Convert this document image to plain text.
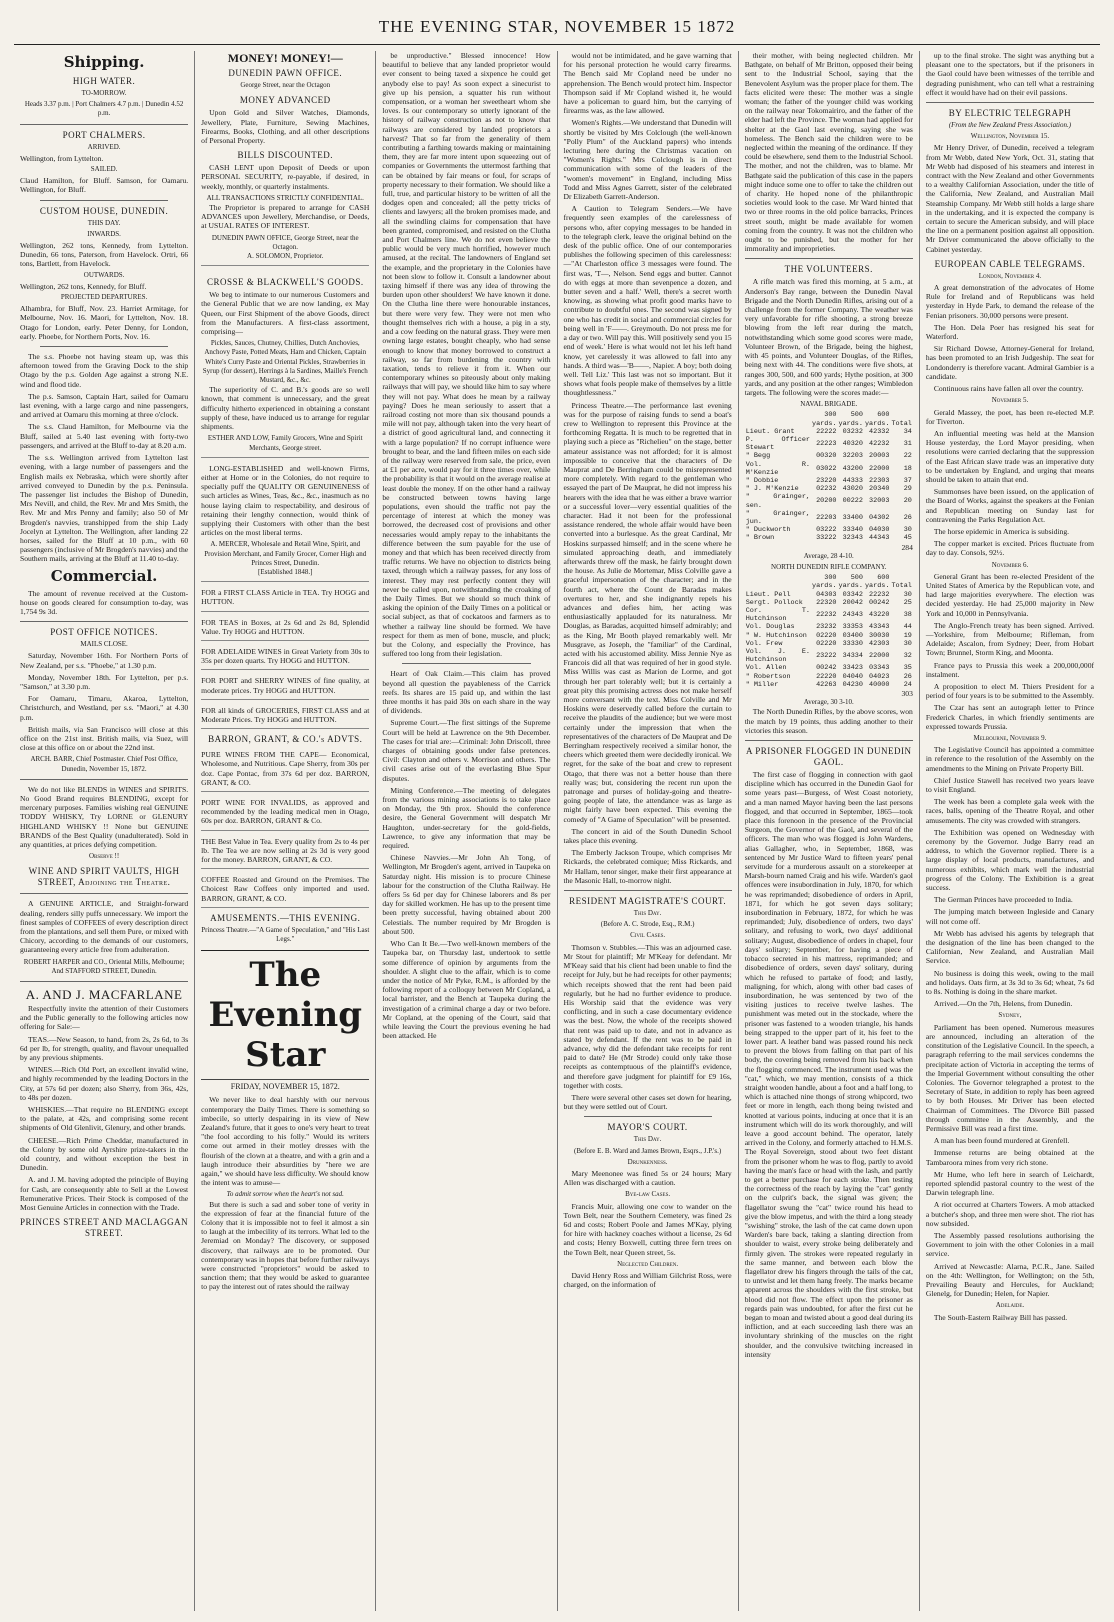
THE EVENING STAR, NOVEMBER 15 1872
Shipping.
HIGH WATER.
TO-MORROW.
Heads 3.37 p.m. | Port Chalmers 4.7 p.m. | Dunedin 4.52 p.m.
PORT CHALMERS.
ARRIVED.
Wellington, from Lyttelton.
SAILED.
Claud Hamilton, for Bluff. Samson, for Oamaru. Wellington, for Bluff.
CUSTOM HOUSE, DUNEDIN.
THIS DAY.
INWARDS.
Wellington, 262 tons, Kennedy, from Lyttelton. Dunedin, 66 tons, Paterson, from Havelock. Ortri, 66 tons, Bartlett, from Havelock.
OUTWARDS.
Wellington, 262 tons, Kennedy, for Bluff.
PROJECTED DEPARTURES.
Alhambra, for Bluff, Nov. 23. Harriet Armitage, for Melbourne, Nov. 16. Maori, for Lyttelton, Nov. 18. Otago for London, early. Peter Denny, for London, early. Phoebe, for Northern Ports, Nov. 16.

The s.s. Phoebe not having steam up, was this afternoon towed from the Graving Dock to the ship Otago by the p.s. Golden Age against a strong N.E. wind and flood tide.

The p.s. Samson, Captain Hart, sailed for Oamaru last evening, with a large cargo and nine passengers, and arrived at Oamaru this morning at three o'clock.

The s.s. Claud Hamilton, for Melbourne via the Bluff, sailed at 5.40 last evening with forty-two passengers, and arrived at the Bluff to-day at 8.20 a.m.

The s.s. Wellington arrived from Lyttelton last evening, with a large number of passengers and the English mails ex Nebraska, which were shortly after arrived conveyed to Dunedin by the p.s. Peninsula. The passenger list includes the Bishop of Dunedin, Mrs Nevill, and child, the Rev. Mr and Mrs Smith, the Rev. Mr and Mrs Penny and family; also 50 of Mr Brogden's navvies, transhipped from the ship Lady Jocelyn at Lyttelton. The Wellington, after landing 22 horses, sailed for the Bluff at 10 p.m., with 60 passengers (inclusive of Mr Brogden's navvies) and the Southern mails, arriving at the Bluff at 11.40 to-day.

Commercial.

The amount of revenue received at the Custom-house on goods cleared for consumption to-day, was 1,754 9s 3d.

POST OFFICE NOTICES.
MAILS CLOSE.

Saturday, November 16th. For Northern Ports of New Zealand, per s.s. "Phoebe," at 1.30 p.m.

Monday, November 18th. For Lyttelton, per p.s. "Samson," at 3.30 p.m.

For Oamaru, Timaru, Akaroa, Lyttelton, Christchurch, and Westland, per s.s. "Maori," at 4.30 p.m.

British mails, via San Francisco will close at this office on the 21st inst. British mails, via Suez, will close at this office on or about the 22nd inst.

ARCH. BARR, Chief Postmaster. Chief Post Office, Dunedin, November 15, 1872.

We do not like BLENDS in WINES and SPIRITS. No Good Brand requires BLENDING, except for mercenary purposes. Families wishing real GENUINE TODDY WHISKY, Try LORNE or GLENURY HIGHLAND WHISKY !! None but GENUINE BRANDS of the Best Quality (unadulterated). Sold in any quantities, at prices defying competition.

Observe !!
WINE AND SPIRIT VAULTS, HIGH STREET, Adjoining the Theatre.

A GENUINE ARTICLE, and Straight-forward dealing, renders silly puffs unnecessary. We import the finest samples of COFFEES of every description direct from the plantations, and sell them Pure, or mixed with Chicory, according to the demands of our customers, guaranteeing every article free from adulteration.

ROBERT HARPER and CO., Oriental Mills, Melbourne; And STAFFORD STREET, Dunedin.
A. AND J. MACFARLANE

Respectfully invite the attention of their Customers and the Public generally to the following articles now offering for Sale:—

TEAS.—New Season, to hand, from 2s, 2s 6d, to 3s 6d per lb, for strength, quality, and flavour unequalled by any previous shipments.

WINES.—Rich Old Port, an excellent invalid wine, and highly recommended by the leading Doctors in the City, at 57s 6d per dozen; also Sherry, from 36s, 42s, to 48s per dozen.

WHISKIES.—That require no BLENDING except to the palate, at 42s, and comprising some recent shipments of Old Glenlivit, Glenury, and other brands.

CHEESE.—Rich Prime Cheddar, manufactured in the Colony by some old Ayrshire prize-takers in the old country, and without exception the best in Dunedin.

A. and J. M. having adopted the principle of Buying for Cash, are consequently able to Sell at the Lowest Remunerative Prices. Their Stock is composed of the Most Genuine Articles in connection with the Trade.

PRINCES STREET AND MACLAGGAN STREET.
MONEY! MONEY!—
DUNEDIN PAWN OFFICE.
George Street, near the Octagon
MONEY ADVANCED

Upon Gold and Silver Watches, Diamonds, Jewellery, Plate, Furniture, Sewing Machines, Firearms, Books, Clothing, and all other descriptions of Personal Property.

BILLS DISCOUNTED.

CASH LENT upon Deposit of Deeds or upon PERSONAL SECURITY, re-payable, if desired, in weekly, monthly, or quarterly instalments.

ALL TRANSACTIONS STRICTLY CONFIDENTIAL.

The Proprietor is prepared to arrange for CASH ADVANCES upon Jewellery, Merchandise, or Deeds, at USUAL RATES OF INTEREST.

DUNEDIN PAWN OFFICE, George Street, near the Octagon.
A. SOLOMON, Proprietor.
CROSSE & BLACKWELL'S GOODS.

We beg to intimate to our numerous Customers and the General Public that we are now landing, ex May Queen, our First Shipment of the above Goods, direct from the Manufacturers. A first-class assortment, comprising—

Pickles, Sauces, Chutney, Chillies, Dutch Anchovies, Anchovy Paste, Potted Meats, Ham and Chicken, Captain White's Curry Paste and Oriental Pickles, Strawberries in Syrup (for dessert), Herrings à la Sardines, Maille's French Mustard, &c., &c.

The superiority of C. and B.'s goods are so well known, that comment is unnecessary, and the great difficulty hitherto experienced in obtaining a constant supply of these, have induced us to arrange for regular shipments.

ESTHER AND LOW, Family Grocers, Wine and Spirit Merchants, George street.

LONG-ESTABLISHED and well-known Firms, either at Home or in the Colonies, do not require to specially puff the QUALITY OR GENUINENESS of such articles as Wines, Teas, &c., &c., inasmuch as no house laying claim to respectability, and desirous of retaining their lengthy connection, would think of supplying their Customers with other than the best articles on the most liberal terms.

A. MERCER, Wholesale and Retail Wine, Spirit, and Provision Merchant, and Family Grocer, Corner High and Princes Street, Dunedin.
[Established 1848.]
FOR a FIRST CLASS Article in TEA. Try HOGG and HUTTON.
FOR TEAS in Boxes, at 2s 6d and 2s 8d, Splendid Value. Try HOGG and HUTTON.
FOR ADELAIDE WINES in Great Variety from 30s to 35s per dozen quarts. Try HOGG and HUTTON.
FOR PORT and SHERRY WINES of fine quality, at moderate prices. Try HOGG and HUTTON.
FOR all kinds of GROCERIES, FIRST CLASS and at Moderate Prices. Try HOGG and HUTTON.
BARRON, GRANT, & CO.'s ADVTS.
PURE WINES FROM THE CAPE— Economical, Wholesome, and Nutritious. Cape Sherry, from 30s per doz. Cape Pontac, from 37s 6d per doz. BARRON, GRANT, & CO.
PORT WINE FOR INVALIDS, as approved and recommended by the leading medical men in Otago, 60s per doz. BARRON, GRANT & Co.
THE Best Value in Tea. Every quality from 2s to 4s per lb. The Tea we are now selling at 2s 3d is very good for the money. BARRON, GRANT, & CO.
COFFEE Roasted and Ground on the Premises. The Choicest Raw Coffees only imported and used. BARRON, GRANT, & CO.
AMUSEMENTS.—THIS EVENING.
Princess Theatre.—"A Game of Speculation," and "His Last Legs."
The Evening Star
FRIDAY, NOVEMBER 15, 1872.

We never like to deal harshly with our nervous contemporary the Daily Times. There is something so imbecile, so utterly despairing in its view of New Zealand's future, that it goes to one's very heart to treat "the fool according to his folly." Would its writers come out armed in their motley dresses with the flourish of the clown at a theatre, and with a grin and a laugh introduce their absurdities by "here we are again," we should have less difficulty. We should know the intent was to amuse—

To admit sorrow when the heart's not sad.

But there is such a sad and sober tone of verity in the expression of fear at the financial future of the Colony that it is impossible not to feel it almost a sin to laugh at the imbecility of its terrors. What led to the Jeremiad on Monday? The discovery, or supposed discovery, that railways are to be promoted. Our contemporary was in hopes that before further railways were constructed "proprietors" would be asked to sanction them; that they would be asked to guarantee to pay the interest out of rates should the railway

be unproductive." Blessed innocence! How beautiful to believe that any landed proprietor would ever consent to being taxed a sixpence he could get anybody else to pay! As soon expect a sinecurist to give up his pension, a squatter his run without compensation, or a woman her sweetheart whom she loves. Is our contemporary so utterly ignorant of the history of railway construction as not to know that railways are considered by landed proprietors a harvest? That so far from the generality of them contributing a farthing towards making or maintaining them, they are far more intent upon squeezing out of companies or Governments the uttermost farthing that can be obtained by fair means or foul, for scraps of property necessary to their formation. We should like a full, true, and particular history to be written of all the dodges open and concealed; all the petty tricks of clients and lawyers; all the broken promises made, and all the swindling claims for compensation that have been granted, compromised, and resisted on the Clutha and Port Chalmers line. We do not even believe the public would be very much horrified, however much amused, at the recital. The landowners of England set the example, and the proprietary in the Colonies have not been slow to follow it. Consult a landowner about taxing himself if there was any idea of throwing the burden upon other shoulders! We have known it done. On the Clutha line there were honourable instances, but there were very few. They were not men who thought themselves rich with a house, a pig in a sty, and a cow feeding on the natural grass. They were men owning large estates, bought cheaply, who had sense enough to know that money borrowed to construct a railway, so far from burdening the country with taxation, tends to relieve it from it. When our contemporary whines so piteously about only making railways that will pay, we should like him to say where they will not pay. What does he mean by a railway paying? Does he mean seriously to assert that a railroad costing not more than six thousand pounds a mile will not pay, although taken into the very heart of a district of good agricultural land, and connecting it with a large population? If no corrupt influence were brought to bear, and the land fifteen miles on each side of the railway were reserved from sale, the price, even at £1 per acre, would pay for it three times over, while the probability is that it would on the average realise at least double the money. If on the other hand a railway be constructed between towns having large populations, even should the traffic not pay the percentage of interest at which the money was borrowed, the decreased cost of provisions and other necessaries would amply repay to the inhabitants the difference between the sum payable for the use of money and that which has been received directly from traffic returns. We have no objection to districts being taxed, through which a railway passes, for any loss of interest. They may rest perfectly content they will never be called upon, notwithstanding the croaking of the Daily Times. But we should so much think of asking the opinion of the Daily Times on a political or social subject, as that of cockatoos and farmers as to whether a railway line should be formed. We have respect for them as men of bone, muscle, and pluck; but the Colony, and especially the Province, has suffered too long from their legislation.

Heart of Oak Claim.—This claim has proved beyond all question the payableness of the Carrick reefs. Its shares are 15 paid up, and within the last three months it has paid 30s on each share in the way of dividends.

Supreme Court.—The first sittings of the Supreme Court will be held at Lawrence on the 9th December. The cases for trial are:—Criminal: John Driscoll, three charges of obtaining goods under false pretences. Civil: Clayton and others v. Morrison and others. The civil cases arise out of the everlasting Blue Spur disputes.

Mining Conference.—The meeting of delegates from the various mining associations is to take place on Monday, the 9th prox. Should the conference desire, the General Government will despatch Mr Haughton, under-secretary for the gold-fields, Lawrence, to give any information that may be required.

Chinese Navvies.—Mr John Ah Tong, of Wellington, Mr Brogden's agent, arrived in Taupeka on Saturday night. His mission is to procure Chinese labour for the construction of the Clutha Railway. He offers 5s 6d per day for Chinese laborers and 8s per day for skilled workmen. He has up to the present time been pretty successful, having obtained about 200 Celestials. The number required by Mr Brogden is about 500.

Who Can It Be.—Two well-known members of the Taupeka bar, on Thursday last, undertook to settle some difference of opinion by arguments from the shoulder. A slight clue to the affair, which is to come under the notice of Mr Pyke, R.M., is afforded by the following report of a colloquy between Mr Copland, a local barrister, and the Bench at Taupeka during the investigation of a criminal charge a day or two before. Mr Copland, at the opening of the Court, said that while leaving the Court the previous evening he had been attacked. He

would not be intimidated, and he gave warning that for his personal protection he would carry firearms. The Bench said Mr Copland need be under no apprehension. The Bench would protect him. Inspector Thompson said if Mr Copland wished it, he would have a policeman to guard him, but the carrying of firearms was, as the law allowed.

Women's Rights.—We understand that Dunedin will shortly be visited by Mrs Colclough (the well-known "Polly Plum" of the Auckland papers) who intends lecturing here during the Christmas vacation on "Women's Rights." Mrs Colclough is in direct communication with some of the leaders of the "women's movement" in England, including Miss Todd and Miss Agnes Garrett, sister of the celebrated Dr Elizabeth Garrett-Anderson.

A Caution to Telegram Senders.—We have frequently seen examples of the carelessness of persons who, after copying messages to be handed in to the telegraph clerk, leave the original behind on the desk of the public office. One of our contemporaries publishes the following specimen of this carelessness:—"At Charleston office 3 messages were found. The first was, 'T—, Nelson. Send eggs and butter. Cannot do with eggs at more than sevenpence a dozen, and butter seven and a half.' Well, there's a secret worth knowing, as showing what profit good marks have to contribute to doubtful ones. The second was signed by one who has credit in social and commercial circles for being well in 'F——. Greymouth. Do not press me for a day or two. Will pay this. Will positively send you 15 end of week.' Here is what would not let his left hand know, yet carelessly it was allowed to fall into any hands. A third was—'B——, Napier. A boy; both doing well. Tell Liz.' This last was not so important. But it shows what fools people make of themselves by a little thoughtlessness."

Princess Theatre.—The performance last evening was for the purpose of raising funds to send a boat's crew to Wellington to represent this Province at the forthcoming Regatta. It is much to be regretted that in playing such a piece as "Richelieu" on the stage, better amateur assistance was not afforded; for it is almost impossible to conceive that the characters of De Mauprat and De Berringham could be misrepresented more completely. With regard to the gentleman who essayed the part of De Mauprat, he did not impress his hearers with the idea that he was either a brave warrior or a successful lover—very essential qualities of the character. Had it not been for the professional assistance rendered, the whole affair would have been converted into a burlesque. As the great Cardinal, Mr Hoskins surpassed himself; and in the scene where he simulated approaching death, and immediately afterwards threw off the mask, he fairly brought down the house. As Julie de Mortemar, Miss Colville gave a graceful impersonation of the character; and in the fourth act, where the Count de Baradas makes overtures to her, and she indignantly repels his advances and defies him, her acting was enthusiastically applauded for its naturalness. Mr Douglas, as Baradas, acquitted himself admirably; and as the King, Mr Booth played remarkably well. Mr Musgrave, as Joseph, the "familiar" of the Cardinal, acted with his accustomed ability. Miss Jennie Nye as Francois did all that was required of her in good style. Miss Willis was cast as Marion de Lorme, and got through her part tolerably well; but it is certainly a great pity this promising actress does not make herself more conversant with the text. Miss Colville and Mr Hoskins were deservedly called before the curtain to receive the plaudits of the audience; but we were most certainly under the impression that when the representatives of the characters of De Mauprat and De Berringham respectively received a similar honor, the cheers which greeted them were decidedly ironical. We regret, for the sake of the boat and crew to represent Otago, that there was not a better house than there really was; but, considering the recent run upon the patronage and purses of holiday-going and theatre-going people of late, the attendance was as large as might fairly have been expected. This evening the comedy of "A Game of Speculation" will be presented.

The concert in aid of the South Dunedin School takes place this evening.

The Emberly Jackson Troupe, which comprises Mr Rickards, the celebrated comique; Miss Rickards, and Mr Hallam, tenor singer, make their first appearance at the Masonic Hall, to-morrow night.

RESIDENT MAGISTRATE'S COURT.
This Day.
(Before A. C. Strode, Esq., R.M.)
Civil Cases.

Thomson v. Stubbles.—This was an adjourned case. Mr Stout for plaintiff; Mr M'Keay for defendant. Mr M'Keay said that his client had been unable to find the receipt for July, but he had receipts for other payments; which receipts showed that the rent had been paid regularly, but he had no further evidence to produce. His Worship said that the evidence was very conflicting, and in such a case documentary evidence was the best. Now, the whole of the receipts showed that rent was paid up to date, and not in advance as stated by defendant. If the rent was to be paid in advance, why did the defendant take receipts for rent paid to date? He (Mr Strode) could only take those receipts as contemptuous of the plaintiff's evidence, and therefore gave judgment for plaintiff for £9 16s, together with costs.

There were several other cases set down for hearing, but they were settled out of Court.

MAYOR'S COURT.
This Day.
(Before E. B. Ward and James Brown, Esqrs., J.P.'s.)
Drunkenness.

Mary Meenonee was fined 5s or 24 hours; Mary Allen was discharged with a caution.

Bye-law Cases.

Francis Muir, allowing one cow to wander on the Town Belt, near the Southern Cemetery, was fined 2s 6d and costs; Robert Poole and James M'Kay, plying for hire with hackney coaches without a license, 2s 6d and costs; Henry Boxwell, cutting three fern trees on the Town Belt, near Queen street, 5s.

Neglected Children.

David Henry Ross and William Gilchrist Ross, were charged, on the information of

their mother, with being neglected children. Mr Bathgate, on behalf of Mr Britton, opposed their being sent to the Industrial School, saying that the Benevolent Asylum was the proper place for them. The facts elicited were these: The mother was a single woman; the father of the younger child was working on the railway near Tokomairiro, and the father of the elder had left the Province. The woman had applied for shelter at the Gaol last evening, saying she was homeless. The Bench said the children were to be neglected within the meaning of the ordinance. If they could be elsewhere, send them to the Industrial School. The mother, and not the children, was to blame. Mr Bathgate said the publication of this case in the papers might induce some one to offer to take the children out of charity. He hoped none of the philanthropic societies would look to the case. Mr Ward hinted that two or three rooms in the old police barracks, Princes street south, might be made available for women coming from the country. It was not the children who ought to be punished, but the mother for her immorality and improprieties.

THE VOLUNTEERS.

A rifle match was fired this morning, at 5 a.m., at Anderson's Bay range, between the Dunedin Naval Brigade and the North Dunedin Rifles, arising out of a challenge from the former Company. The weather was very unfavorable for rifle shooting, a strong breeze blowing from the left rear during the match, notwithstanding which some good scores were made, Volunteer Brown, of the Brigade, being the highest, with 45 points, and Volunteer Douglas, of the Rifles, being next with 44. The conditions were five shots, at ranges 300, 500, and 600 yards; Hythe position, at 300 yards, and any position at the other ranges; Wimbledon targets. The following were the scores made:—

NAVAL BRIGADE.
	300	500	600	
	yards.	yards.	yards.	Total
Lieut. Grant	22222	03232	42332	34
P. Officer Stewart	22223	40320	42232	31
" Begg	00320	32203	20003	22
Vol. R. M'Kenzie	03022	43200	22000	18
" Dobbie	23220	44333	22303	37
" J. M'Kenzie	02232	43020	20340	29
" Grainger, sen.	20200	00222	32003	20
" Grainger, jun.	22203	33400	04302	26
" Duckworth	03222	33340	04030	30
" Brown	33222	32343	44343	45
284
Average, 28 4-10.
NORTH DUNEDIN RIFLE COMPANY.
	300	500	600	
	yards.	yards.	yards.	Total
Lieut. Pell	04303	03342	22232	30
Sergt. Pollock	22320	20042	00242	25
Cor. T. Hutchinson	22232	24343	43220	38
Vol. Douglas	23232	33353	43343	44
" W. Hutchinson	02220	03400	30030	19
Vol. Frew	02220	33330	42303	30
Vol. J. E. Hutchinson	23222	34334	22000	32
Vol. Allen	00242	33423	03343	35
" Robertson	22220	04040	04023	26
" Miller	42263	04230	40000	24
303
Average, 30 3-10.

The North Dunedin Rifles, by the above scores, won the match by 19 points, thus adding another to their victories this season.

A PRISONER FLOGGED IN DUNEDIN GAOL.

The first case of flogging in connection with gaol discipline which has occurred in the Dunedin Gaol for some years past—Burgess, of West Coast notoriety, and a man named Mayor having been the last persons flogged, and that occurred in September, 1865—took place this forenoon in the presence of the Provincial Surgeon, the Governor of the Gaol, and several of the officers. The man who was flogged is John Wardens, alias Gallagher, who, in September, 1868, was sentenced by Mr Justice Ward to fifteen years' penal servitude for a murderous assault on a storekeeper at Marsh-bourn named Craig and his wife. Warden's gaol offences were insubordination in July, 1870, for which he was reprimanded; disobedience of orders in April, 1871, for which he got seven days solitary; insubordination in February, 1872, for which he was reprimanded; July, disobedience of orders, two days' solitary, and refusing to work, two days' additional solitary; August, disobedience of orders in chapel, four days' solitary; September, for having a piece of tobacco secreted in his mattress, reprimanded; and disobedience of orders, seven days' solitary, during which he refused to partake of food; and lastly, maligning, for which, along with other bad cases of insubordination, he was sentenced by two of the visiting justices to receive twelve lashes. The punishment was meted out in the stockade, where the prisoner was fastened to a wooden triangle, his hands being strapped to the upper part of it, his feet to the lower part. A leather band was passed round his neck to prevent the blows from falling on that part of his body, the covering being removed from his back when the flogging commenced. The instrument used was the "cat," which, we may mention, consists of a thick straight wooden handle, about a foot and a half long, to which is attached nine thongs of strong whipcord, two feet or more in length, each thong being twisted and knotted at various points, inducing at once that it is an instrument which will do its work thoroughly, and will leave a good account behind. The operator, lately arrived in the Colony, and formerly attached to H.M.S. The Royal Sovereign, stood about two feet distant from the prisoner whom he was to flog, partly to avoid having the man's face or head with the lash, and partly to get a better purchase for each stroke. Then testing the correctness of the reach by laying the "cat" gently on the culprit's back, the signal was given; the flagellator swung the "cat" twice round his head to give the blow impetus, and with the third a long steady "swishing" stroke, the lash of the cat came down upon Warden's bare back, taking a slanting direction from shoulder to waist, every stroke being deliberately and firmly given. The strokes were repeated regularly in the same manner, and between each blow the flagellator drew his fingers through the tails of the cat, to untwist and let them hang freely. The marks became apparent across the shoulders with the first stroke, but blood did not flow. The effect upon the prisoner as regards pain was undoubted, for after the first cut he began to moan and twisted about a good deal during its infliction, and at each succeeding lash there was an involuntary shrinking of the muscles on the right shoulder, and the convulsive twitching increased in intensity

up to the final stroke. The sight was anything but a pleasant one to the spectators, but if the prisoners in the Gaol could have been witnesses of the terrible and degrading punishment, who can tell what a restraining effect it would have had on their evil passions.

BY ELECTRIC TELEGRAPH
(From the New Zealand Press Association.)
Wellington, November 15.

Mr Henry Driver, of Dunedin, received a telegram from Mr Webb, dated New York, Oct. 31, stating that Mr Webb had disposed of his steamers and interest in contract with the New Zealand and other Governments to a wealthy Californian Association, under the title of the California, New Zealand, and Australian Mail Steamship Company. Mr Webb still holds a large share in the undertaking, and it is expected the company is certain to secure the American subsidy, and will place the line on a permanent position against all opposition. Mr Driver communicated the above officially to the Cabinet yesterday.

EUROPEAN CABLE TELEGRAMS.
London, November 4.

A great demonstration of the advocates of Home Rule for Ireland and of Republicans was held yesterday in Hyde Park, to demand the release of the Fenian prisoners. 30,000 persons were present.

The Hon. Dela Poer has resigned his seat for Waterford.

Sir Richard Dowse, Attorney-General for Ireland, has been promoted to an Irish Judgeship. The seat for Londonderry is therefore vacant. Admiral Gambier is a candidate.

Continuous rains have fallen all over the country.

November 5.

Gerald Massey, the poet, has been re-elected M.P. for Tiverton.

An influential meeting was held at the Mansion House yesterday, the Lord Mayor presiding, when resolutions were carried declaring that the suppression of the East African slave trade was an imperative duty to be undertaken by England, and urging that means should be taken to attain that end.

Summonses have been issued, on the application of the Board of Works, against the speakers at the Fenian and Republican meeting on Sunday last for contravening the Parks Regulation Act.

The horse epidemic in America is subsiding.

The copper market is excited. Prices fluctuate from day to day. Consols, 92½.

November 6.

General Grant has been re-elected President of the United States of America by the Republican vote, and had large majorities everywhere. The election was decided yesterday. He had 25,000 majority in New York and 10,000 in Pennsylvania.

The Anglo-French treaty has been signed. Arrived.—Yorkshire, from Melbourne; Rifleman, from Adelaide; Ascalon, from Sydney; Deer, from Hobart Town; Brunnel, Storm King, and Moonta.

France pays to Prussia this week a 200,000,000f instalment.

A proposition to elect M. Thiers President for a period of four years is to be submitted to the Assembly.

The Czar has sent an autograph letter to Prince Frederick Charles, in which friendly sentiments are expressed towards Prussia.

Melbourne, November 9.

The Legislative Council has appointed a committee in reference to the resolution of the Assembly on the amendments to the Mining on Private Property Bill.

Chief Justice Stawell has received two years leave to visit England.

The week has been a complete gala week with the races, balls, opening of the Theatre Royal, and other amusements. The city was crowded with strangers.

The Exhibition was opened on Wednesday with ceremony by the Governor. Judge Barry read an address, to which the Governor replied. There is a large display of local products, manufactures, and numerous exhibits, which mark well the industrial progress of the Colony. The Exhibition is a great success.

The German Princes have proceeded to India.

The jumping match between Ingleside and Canary will not come off.

Mr Webb has advised his agents by telegraph that the designation of the line has been changed to the Californian, New Zealand, and Australian Mail Service.

No business is doing this week, owing to the mail and holidays. Oats firm, at 3s 3d to 3s 6d; wheat, 7s 6d to 8s. Nothing is doing in the share market.

Arrived.—On the 7th, Helens, from Dunedin.

Sydney,

Parliament has been opened. Numerous measures are announced, including an alteration of the constitution of the Legislative Council. In the speech, a paragraph referring to the mail services condemns the precipitate action of Victoria in accepting the terms of the Imperial Government without consulting the other Colonies. The Governor telegraphed a protest to the Secretary of State, in addition to reply has been agreed to by both Houses. Mr Driver has been elected Chairman of Committees. The Divorce Bill passed through committee in the Assembly, and the Permissive Bill was read a first time.

A man has been found murdered at Grenfell.

Immense returns are being obtained at the Tambaroora mines from very rich stone.

Mr Hume, who left here in search of Leichardt, reported splendid pastoral country to the west of the Darwin telegraph line.

A riot occurred at Charters Towers. A mob attacked a butcher's shop, and three men were shot. The riot has now subsided.

The Assembly passed resolutions authorising the Government to join with the other Colonies in a mail service.

Arrived at Newcastle: Alarna, P.C.R., Jane. Sailed on the 4th: Wellington, for Wellington; on the 5th, Prevailing Beauty and Hercules, for Auckland; Glenelg, for Dunedin; Helen, for Napier.

Adelaide.

The South-Eastern Railway Bill has passed.
